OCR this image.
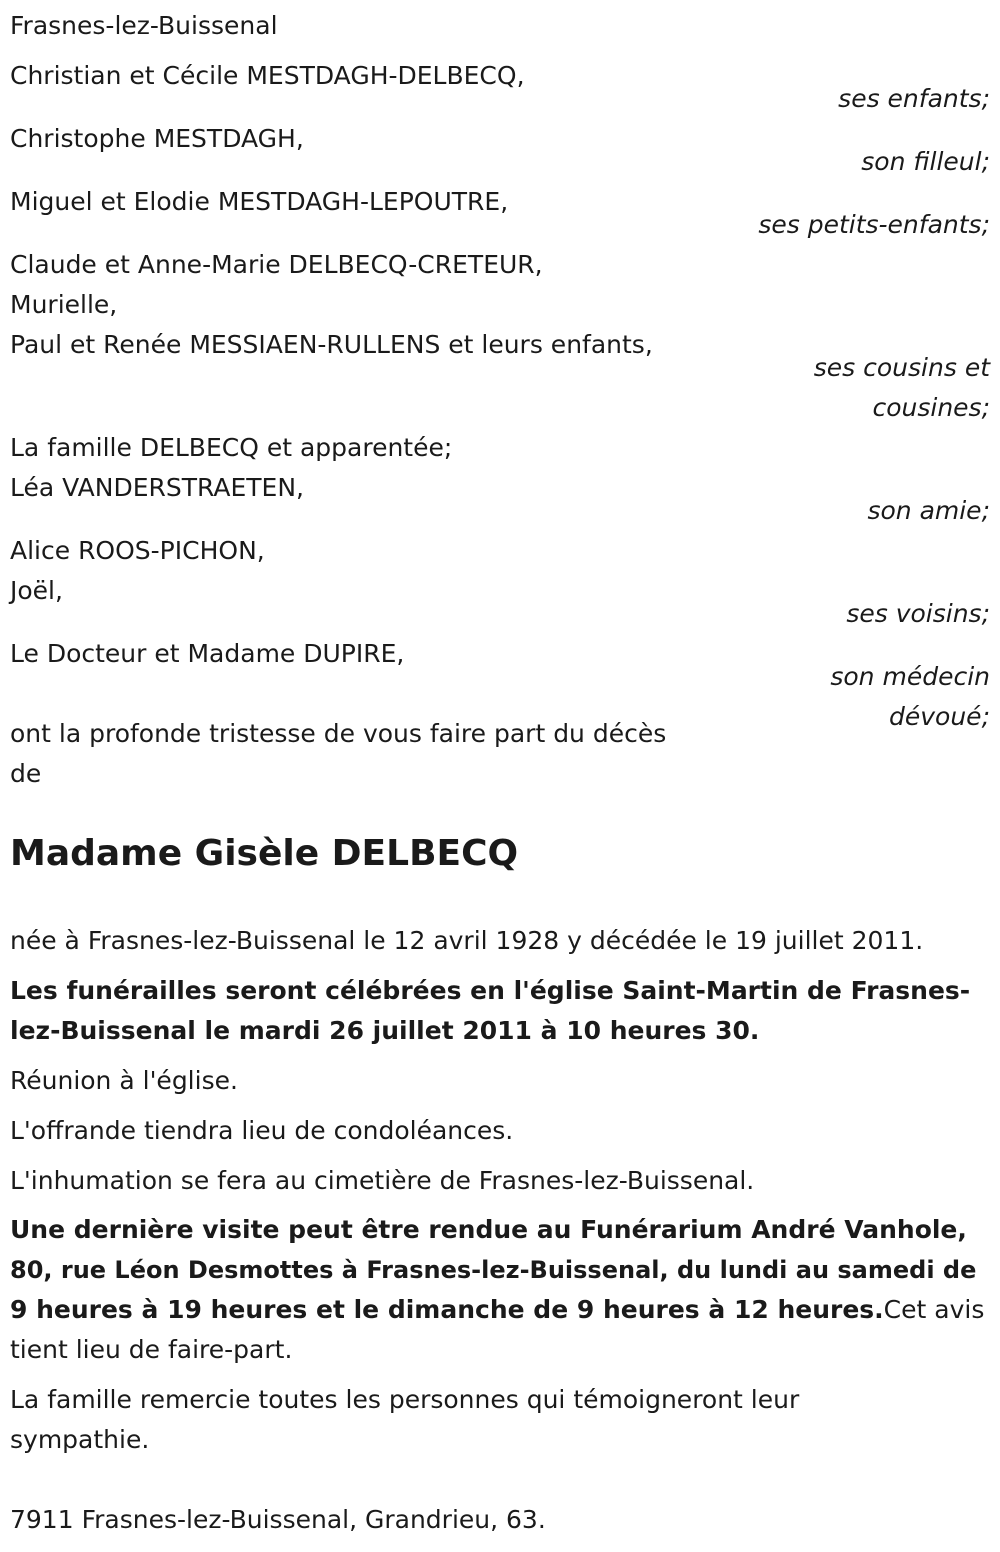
Frasnes-lez-Buissenal
Christian et Cécile MESTDAGH-DELBECQ,
ses enfants;
Christophe MESTDAGH,
son filleul;
Miguel et Elodie MESTDAGH-LEPOUTRE,
ses petits-enfants;
Claude et Anne-Marie DELBECQ-CRETEUR,
Murielle,
Paul et Renée MESSIAEN-RULLENS et leurs enfants,
ses cousins et
cousines;
La famille DELBECQ et apparentée;
Léa VANDERSTRAETEN,
son amie;
Alice ROOS-PICHON,
Joël,
ses voisins;
Le Docteur et Madame DUPIRE,
son médecin
dévoué;
ont la profonde tristesse de vous faire part du décès
de
Madame Gisèle DELBECQ
née à Frasnes-lez-Buissenal le 12 avril 1928 y décédée le 19 juillet 2011.
Les funérailles seront célébrées en l'église Saint-Martin de Frasnes-
lez-Buissenal le mardi 26 juillet 2011 à 10 heures 30.
Réunion à l'église.
L'offrande tiendra lieu de condoléances.
L'inhumation se fera au cimetière de Frasnes-lez-Buissenal.
Une dernière visite peut être rendue au Funérarium André Vanhole,
80, rue Léon Desmottes à Frasnes-lez-Buissenal, du lundi au samedi de
9 heures à 19 heures et le dimanche de 9 heures à 12 heures.Cet avis
tient lieu de faire-part.
La famille remercie toutes les personnes qui témoigneront leur
sympathie.
7911 Frasnes-lez-Buissenal, Grandrieu, 63.
